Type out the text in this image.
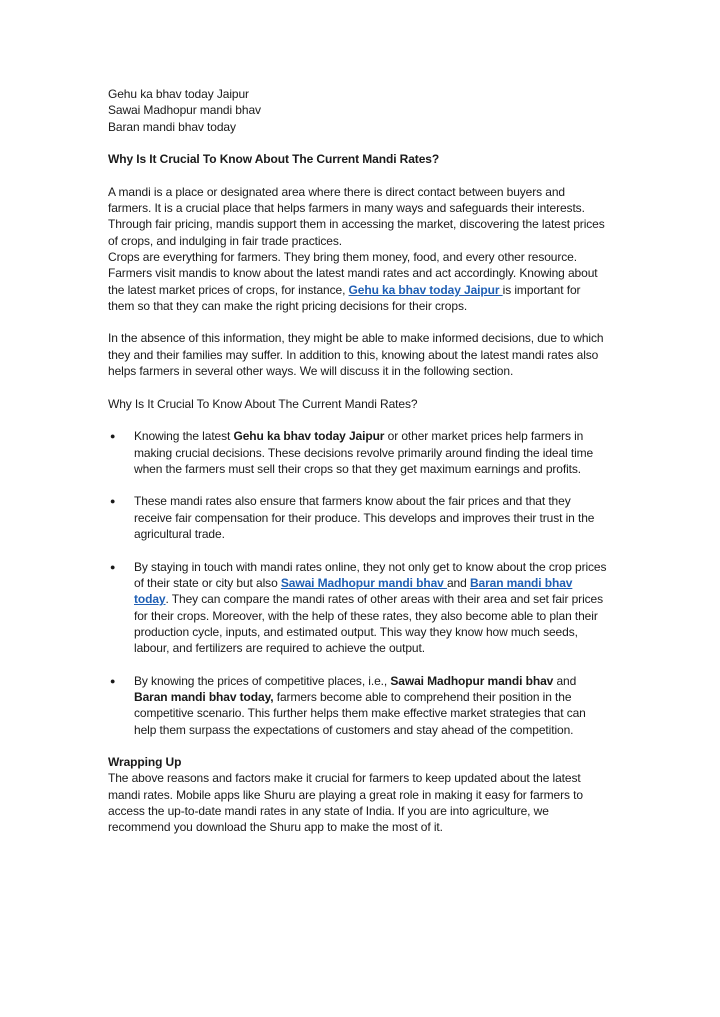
Gehu ka bhav today Jaipur

Sawai Madhopur mandi bhav

Baran mandi bhav today

Why Is It Crucial To Know About The Current Mandi Rates?

A mandi is a place or designated area where there is direct contact between buyers and farmers. It is a crucial place that helps farmers in many ways and safeguards their interests. Through fair pricing, mandis support them in accessing the market, discovering the latest prices of crops, and indulging in fair trade practices.

Crops are everything for farmers. They bring them money, food, and every other resource. Farmers visit mandis to know about the latest mandi rates and act accordingly. Knowing about the latest market prices of crops, for instance, Gehu ka bhav today Jaipur is important for them so that they can make the right pricing decisions for their crops.

In the absence of this information, they might be able to make informed decisions, due to which they and their families may suffer. In addition to this, knowing about the latest mandi rates also helps farmers in several other ways. We will discuss it in the following section.

Why Is It Crucial To Know About The Current Mandi Rates?

● Knowing the latest Gehu ka bhav today Jaipur or other market prices help farmers in making crucial decisions. These decisions revolve primarily around finding the ideal time when the farmers must sell their crops so that they get maximum earnings and profits.
● These mandi rates also ensure that farmers know about the fair prices and that they receive fair compensation for their produce. This develops and improves their trust in the agricultural trade.
● By staying in touch with mandi rates online, they not only get to know about the crop prices of their state or city but also Sawai Madhopur mandi bhav and Baran mandi bhav today. They can compare the mandi rates of other areas with their area and set fair prices for their crops. Moreover, with the help of these rates, they also become able to plan their production cycle, inputs, and estimated output. This way they know how much seeds, labour, and fertilizers are required to achieve the output.
● By knowing the prices of competitive places, i.e., Sawai Madhopur mandi bhav and Baran mandi bhav today, farmers become able to comprehend their position in the competitive scenario. This further helps them make effective market strategies that can help them surpass the expectations of customers and stay ahead of the competition.

Wrapping Up

The above reasons and factors make it crucial for farmers to keep updated about the latest mandi rates. Mobile apps like Shuru are playing a great role in making it easy for farmers to access the up-to-date mandi rates in any state of India. If you are into agriculture, we recommend you download the Shuru app to make the most of it.
